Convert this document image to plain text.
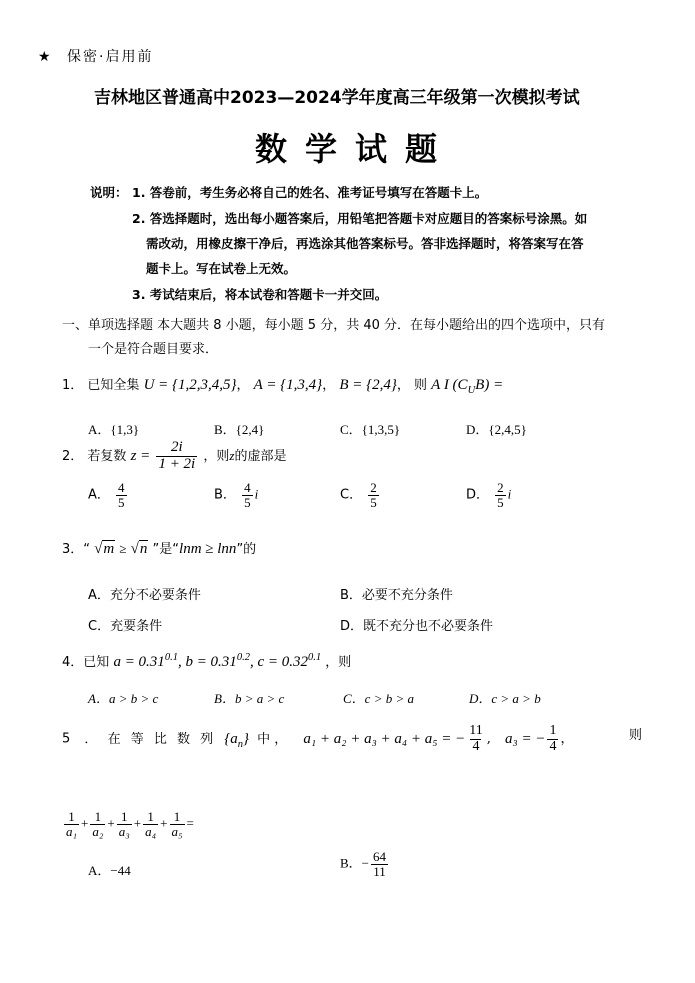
★ 保密·启用前
吉林地区普通高中2023—2024学年度高三年级第一次模拟考试
数学试题
说明： 1. 答卷前，考生务必将自己的姓名、准考证号填写在答题卡上。
2. 答选择题时，选出每小题答案后，用铅笔把答题卡对应题目的答案标号涂黑。如
需改动，用橡皮擦干净后，再选涂其他答案标号。答非选择题时，将答案写在答
题卡上。写在试卷上无效。
3. 考试结束后，将本试卷和答题卡一并交回。
一、单项选择题 本大题共 8 小题，每小题 5 分，共 40 分．在每小题给出的四个选项中，只有
一个是符合题目要求．
1． 已知全集 U = {1,2,3,4,5}， A = {1,3,4}， B = {2,4}， 则 A I $(C_UB)$ =
A．{1,3}	B．{2,4}	C．{1,3,5}	D．{2,4,5}
2． 若复数 $z = \frac{2i}{1 + 2i}$ ，则z的虚部是
A． $\frac{4}{5}$	B． $\frac{4}{5}$ i	C． $\frac{2}{5}$	D． $\frac{2}{5}$ i
3．“ √m ≥ √n ”是“lnm ≥ lnn”的
A．充分不必要条件	B．必要不充分条件
C．充要条件	D．既不充分也不必要条件
4．已知 $a = 0.31^{0.1}$, $b = 0.31^{0.2}$, $c = 0.32^{0.1}$ ，则
A．a > b > c	B．b > a > c	C．c > b > a	D．c > a > b
5 ． 在 等 比 数 列 $\{a_n\}$ 中 ， a₁ + a₂ + a₃ + a₄ + a₅ = − $\frac{11}{4}$ , a₃ = − $\frac{1}{4}$ ，	则
$\frac{1}{\text{a₁}} + \frac{1}{\text{a₂}} + \frac{1}{\text{a₃}} + \frac{1}{\text{a₄}} + \frac{1}{\text{a₅}}$ =
A．−44	B．− $\frac{64}{11}$
